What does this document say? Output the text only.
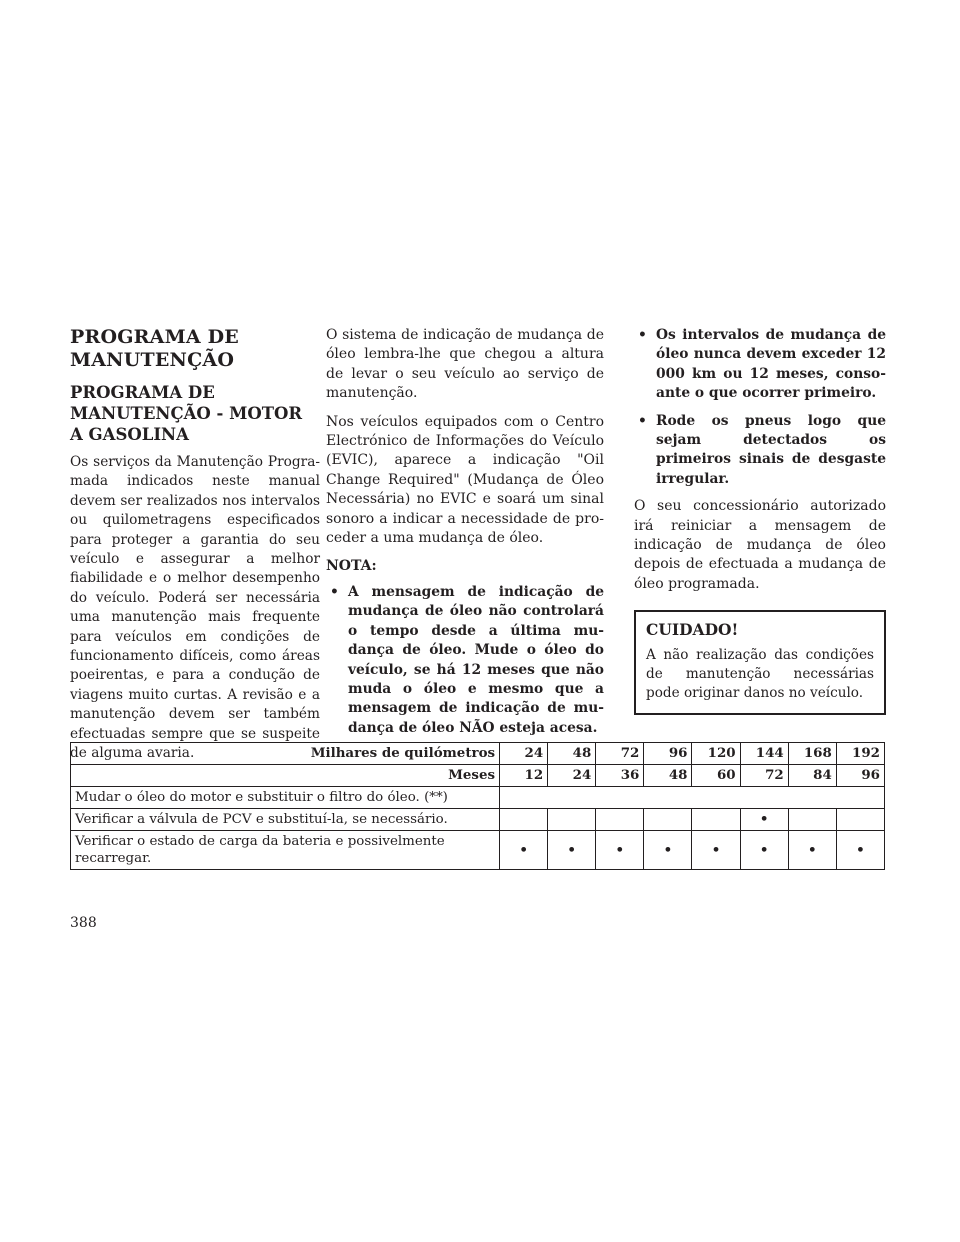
PROGRAMA DE MANUTENÇÃO
PROGRAMA DE MANUTENÇÃO - MOTOR A GASOLINA

Os serviços da Manutenção Programada indicados neste manual devem ser realizados nos intervalos ou quilometragens especificados para proteger a garantia do seu veículo e assegurar a melhor fiabilidade e o melhor desempenho do veículo. Poderá ser necessária uma manutenção mais frequente para veículos em condições de funcionamento difíceis, como áreas poeirentas, e para a condução de viagens muito curtas. A revisão e a manutenção devem ser também efectuadas sempre que se suspeite de alguma avaria.

O sistema de indicação de mudança de óleo lembra-lhe que chegou a altura de levar o seu veículo ao serviço de manutenção.

Nos veículos equipados com o Centro Electrónico de Informações do Veículo (EVIC), aparece a indicação "Oil Change Required" (Mudança de Óleo Necessária) no EVIC e soará um sinal sonoro a indicar a necessidade de proceder a uma mudança de óleo.

NOTA:

• A mensagem de indicação de mudança de óleo não controlará o tempo desde a última mudança de óleo. Mude o óleo do veículo, se há 12 meses que não muda o óleo e mesmo que a mensagem de indicação de mudança de óleo NÃO esteja acesa.
• Os intervalos de mudança de óleo nunca devem exceder 12 000 km ou 12 meses, consoante o que ocorrer primeiro.
• Rode os pneus logo que sejam detectados os primeiros sinais de desgaste irregular.

O seu concessionário autorizado irá reiniciar a mensagem de indicação de mudança de óleo depois de efectuada a mudança de óleo programada.

CUIDADO!
A não realização das condições de manutenção necessárias pode originar danos no veículo.
Milhares de quilómetros	24	48	72	96	120	144	168	192
Meses	12	24	36	48	60	72	84	96
Mudar o óleo do motor e substituir o filtro do óleo. (**)								
Verificar a válvula de PCV e substituí-la, se necessário.						•		
Verificar o estado de carga da bateria e possivelmente recarregar.	•	•	•	•	•	•	•	•
388
